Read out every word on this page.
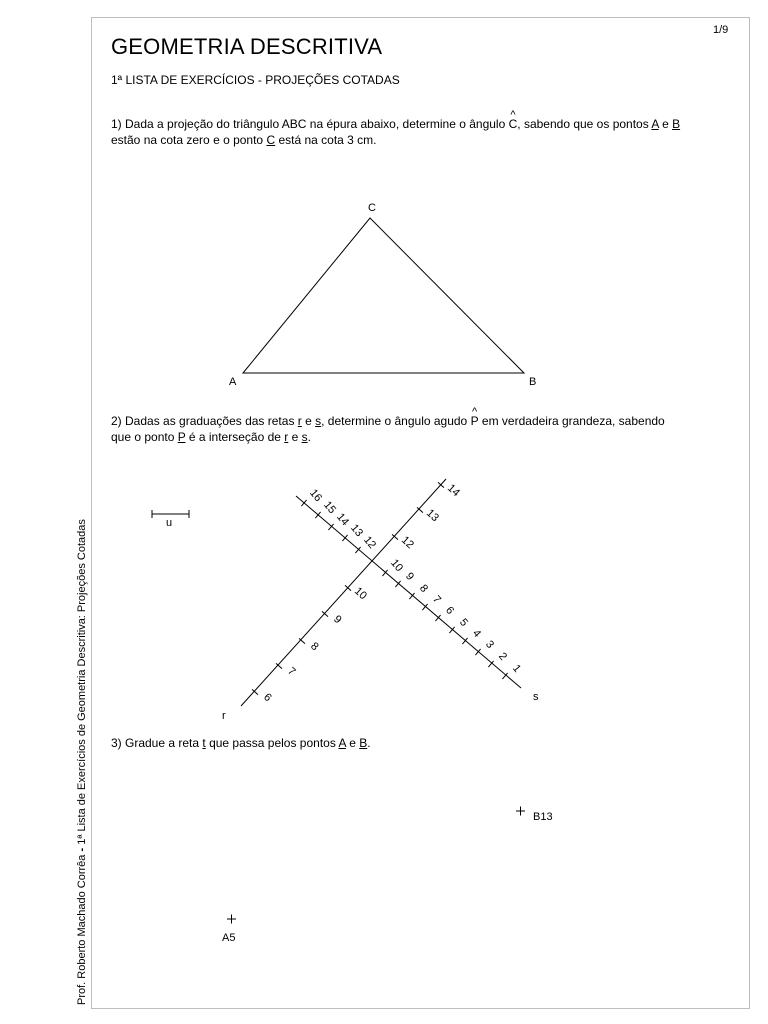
1/9
GEOMETRIA DESCRITIVA
1ª LISTA DE EXERCÍCIOS - PROJEÇÕES COTADAS
1) Dada a projeção do triângulo ABC na épura abaixo, determine o ângulo ^ C, sabendo que os pontos A e B
estão na cota zero e o ponto C está na cota 3 cm.
2) Dadas as graduações das retas r e s, determine o ângulo agudo ^ P em verdadeira grandeza, sabendo
que o ponto P é a interseção de r e s.
3) Gradue a reta t que passa pelos pontos A e B.
Prof. Roberto Machado Corrêa - 1ª Lista de Exercícios de Geometria Descritiva: Projeções Cotadas
C
A	B
u
6
7
8
9
10
12
13
14
r
16
15
14
13
12
10
9
8
7
6
5
4
3
2
1
s
B13
A5
